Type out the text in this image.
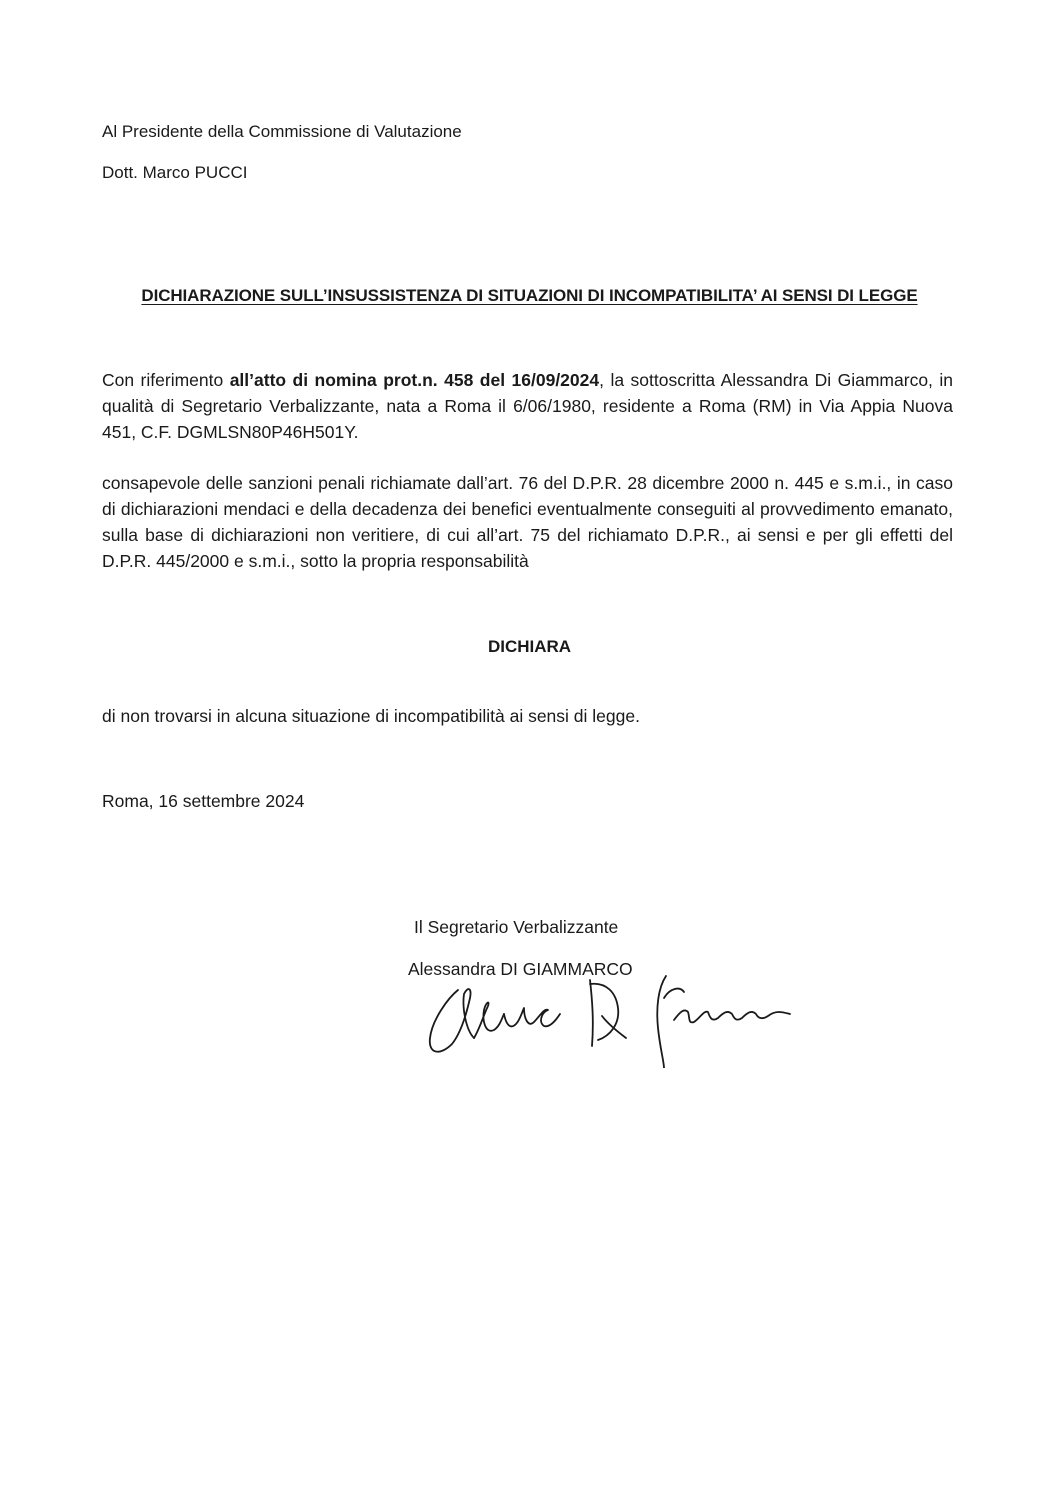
Al Presidente della Commissione di Valutazione
Dott. Marco PUCCI
DICHIARAZIONE SULL’INSUSSISTENZA DI SITUAZIONI DI INCOMPATIBILITA’ AI SENSI DI LEGGE
Con riferimento all’atto di nomina prot.n. 458 del 16/09/2024, la sottoscritta Alessandra Di Giammarco, in qualità di Segretario Verbalizzante, nata a Roma il 6/06/1980, residente a Roma (RM) in Via Appia Nuova 451, C.F. DGMLSN80P46H501Y.
consapevole delle sanzioni penali richiamate dall’art. 76 del D.P.R. 28 dicembre 2000 n. 445 e s.m.i., in caso di dichiarazioni mendaci e della decadenza dei benefici eventualmente conseguiti al provvedimento emanato, sulla base di dichiarazioni non veritiere, di cui all’art. 75 del richiamato D.P.R., ai sensi e per gli effetti del D.P.R. 445/2000 e s.m.i., sotto la propria responsabilità
DICHIARA
di non trovarsi in alcuna situazione di incompatibilità ai sensi di legge.
Roma, 16 settembre 2024
Il Segretario Verbalizzante
Alessandra DI GIAMMARCO
